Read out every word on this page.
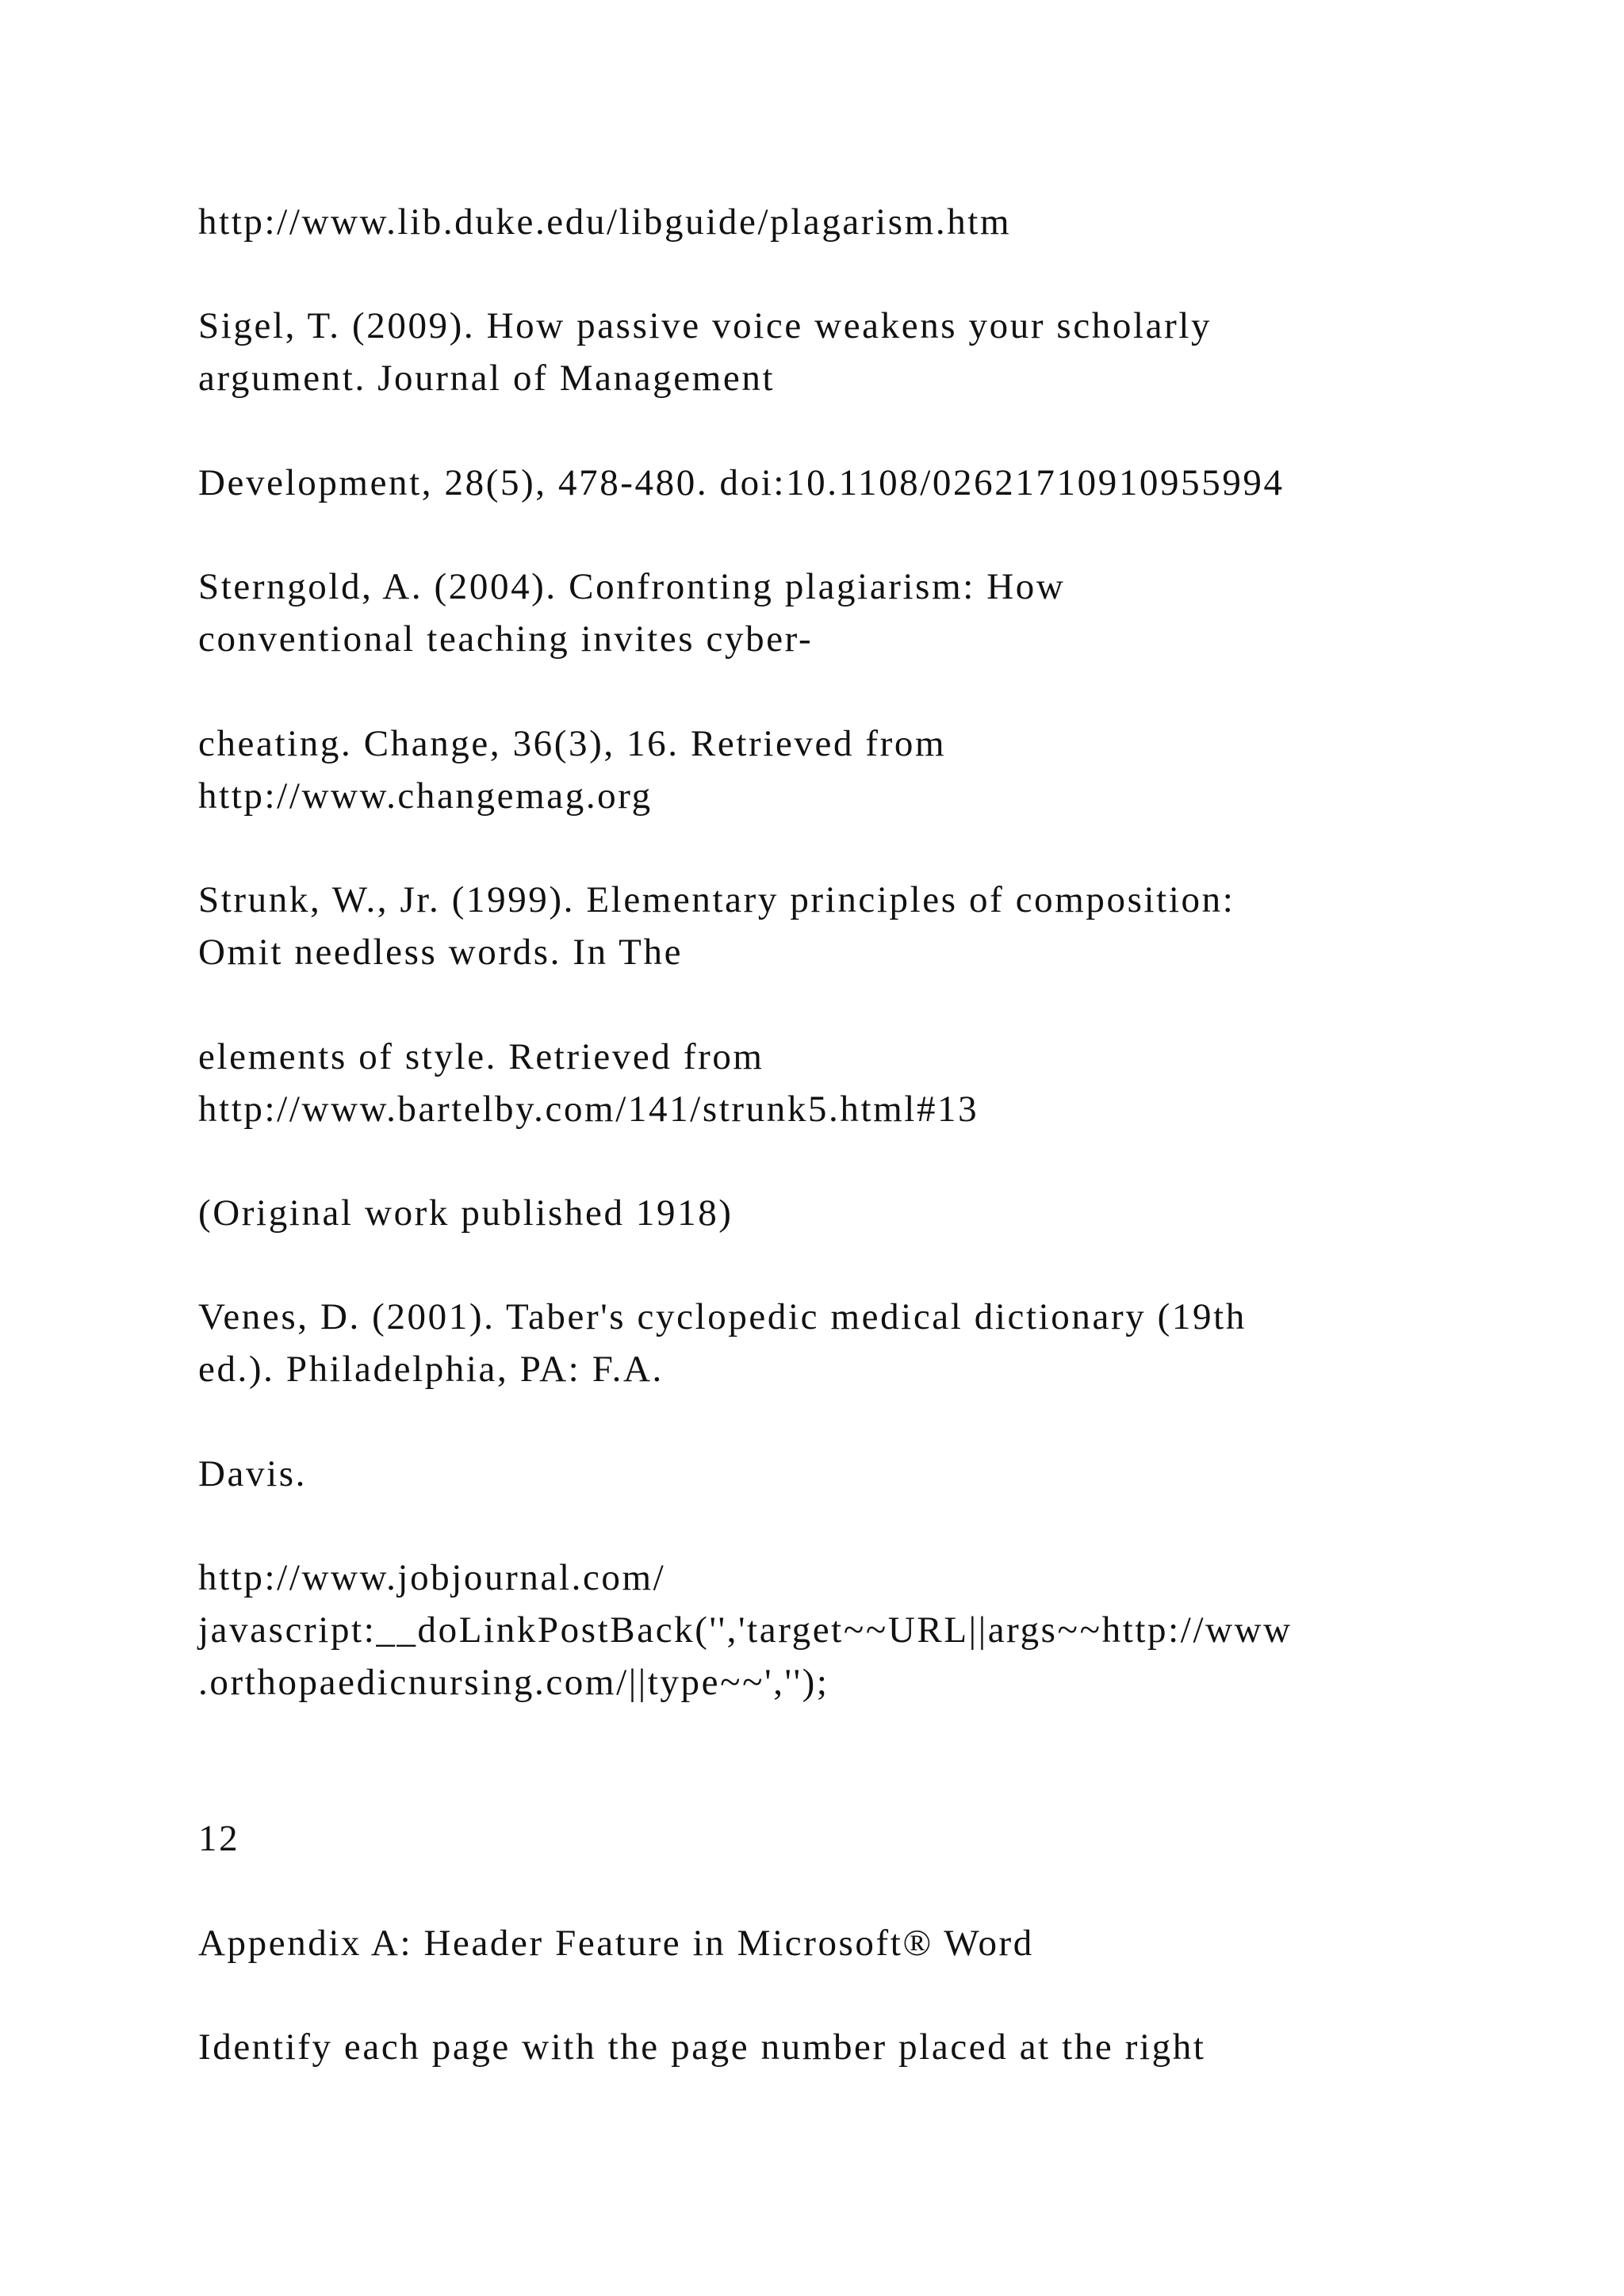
http://www.lib.duke.edu/libguide/plagarism.htm

Sigel, T. (2009). How passive voice weakens your scholarly

argument. Journal of Management

Development, 28(5), 478-480. doi:10.1108/02621710910955994

Sterngold, A. (2004). Confronting plagiarism: How

conventional teaching invites cyber-

cheating. Change, 36(3), 16. Retrieved from

http://www.changemag.org

Strunk, W., Jr. (1999). Elementary principles of composition:

Omit needless words. In The

elements of style. Retrieved from

http://www.bartelby.com/141/strunk5.html#13

(Original work published 1918)

Venes, D. (2001). Taber's cyclopedic medical dictionary (19th

ed.). Philadelphia, PA: F.A.

Davis.

http://www.jobjournal.com/

javascript:__doLinkPostBack('','target~~URL||args~~http://www

.orthopaedicnursing.com/||type~~','');

12

Appendix A: Header Feature in Microsoft® Word

Identify each page with the page number placed at the right
